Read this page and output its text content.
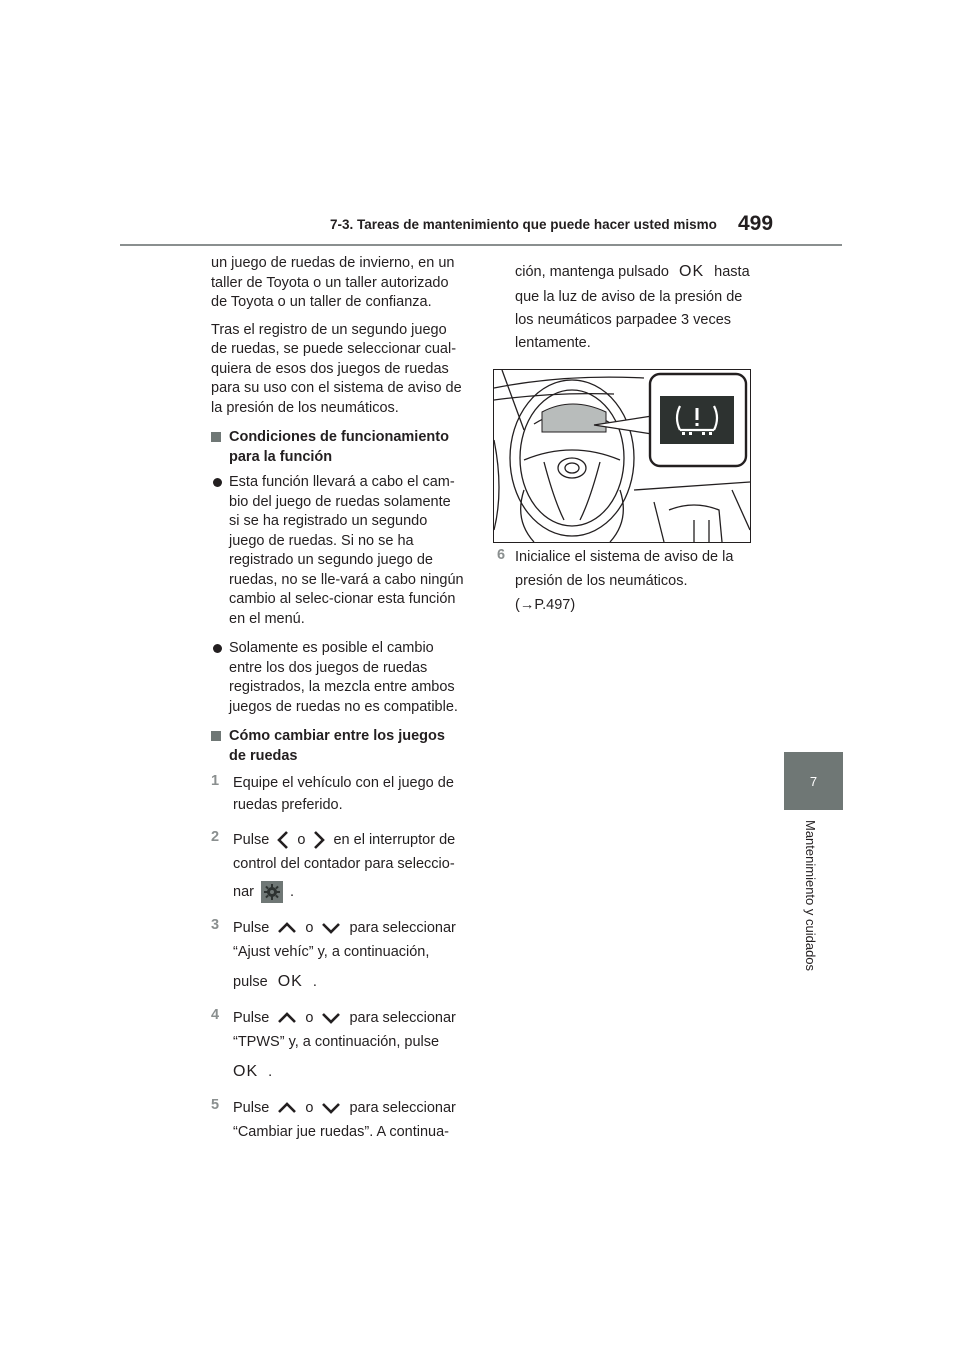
7-3. Tareas de mantenimiento que puede hacer usted mismo 499
7
Mantenimiento y cuidados

un juego de ruedas de invierno, en un taller de Toyota o un taller autorizado de Toyota o un taller de confianza.

Tras el registro de un segundo juego de ruedas, se puede seleccionar cual-quiera de esos dos juegos de ruedas para su uso con el sistema de aviso de la presión de los neumáticos.

Condiciones de funcionamiento para la función
Esta función llevará a cabo el cam-bio del juego de ruedas solamente si se ha registrado un segundo juego de ruedas. Si no se ha registrado un segundo juego de ruedas, no se lle-vará a cabo ningún cambio al selec-cionar esta función en el menú.
Solamente es posible el cambio entre los dos juegos de ruedas registrados, la mezcla entre ambos juegos de ruedas no es compatible.
Cómo cambiar entre los juegos de ruedas
1 Equipe el vehículo con el juego de ruedas preferido.

2 Pulse o en el interruptor de

control del contador para seleccio-

nar .

3 Pulse o para seleccionar

“Ajust vehíc” y, a continuación,

pulse OK .

4 Pulse o para seleccionar

“TPWS” y, a continuación, pulse

OK .

5 Pulse o para seleccionar

“Cambiar jue ruedas”. A continua-

ción, mantenga pulsado OK hasta

que la luz de aviso de la presión de

los neumáticos parpadee 3 veces

lentamente.

6 Inicialice el sistema de aviso de la

presión de los neumáticos.

(→P.497)
